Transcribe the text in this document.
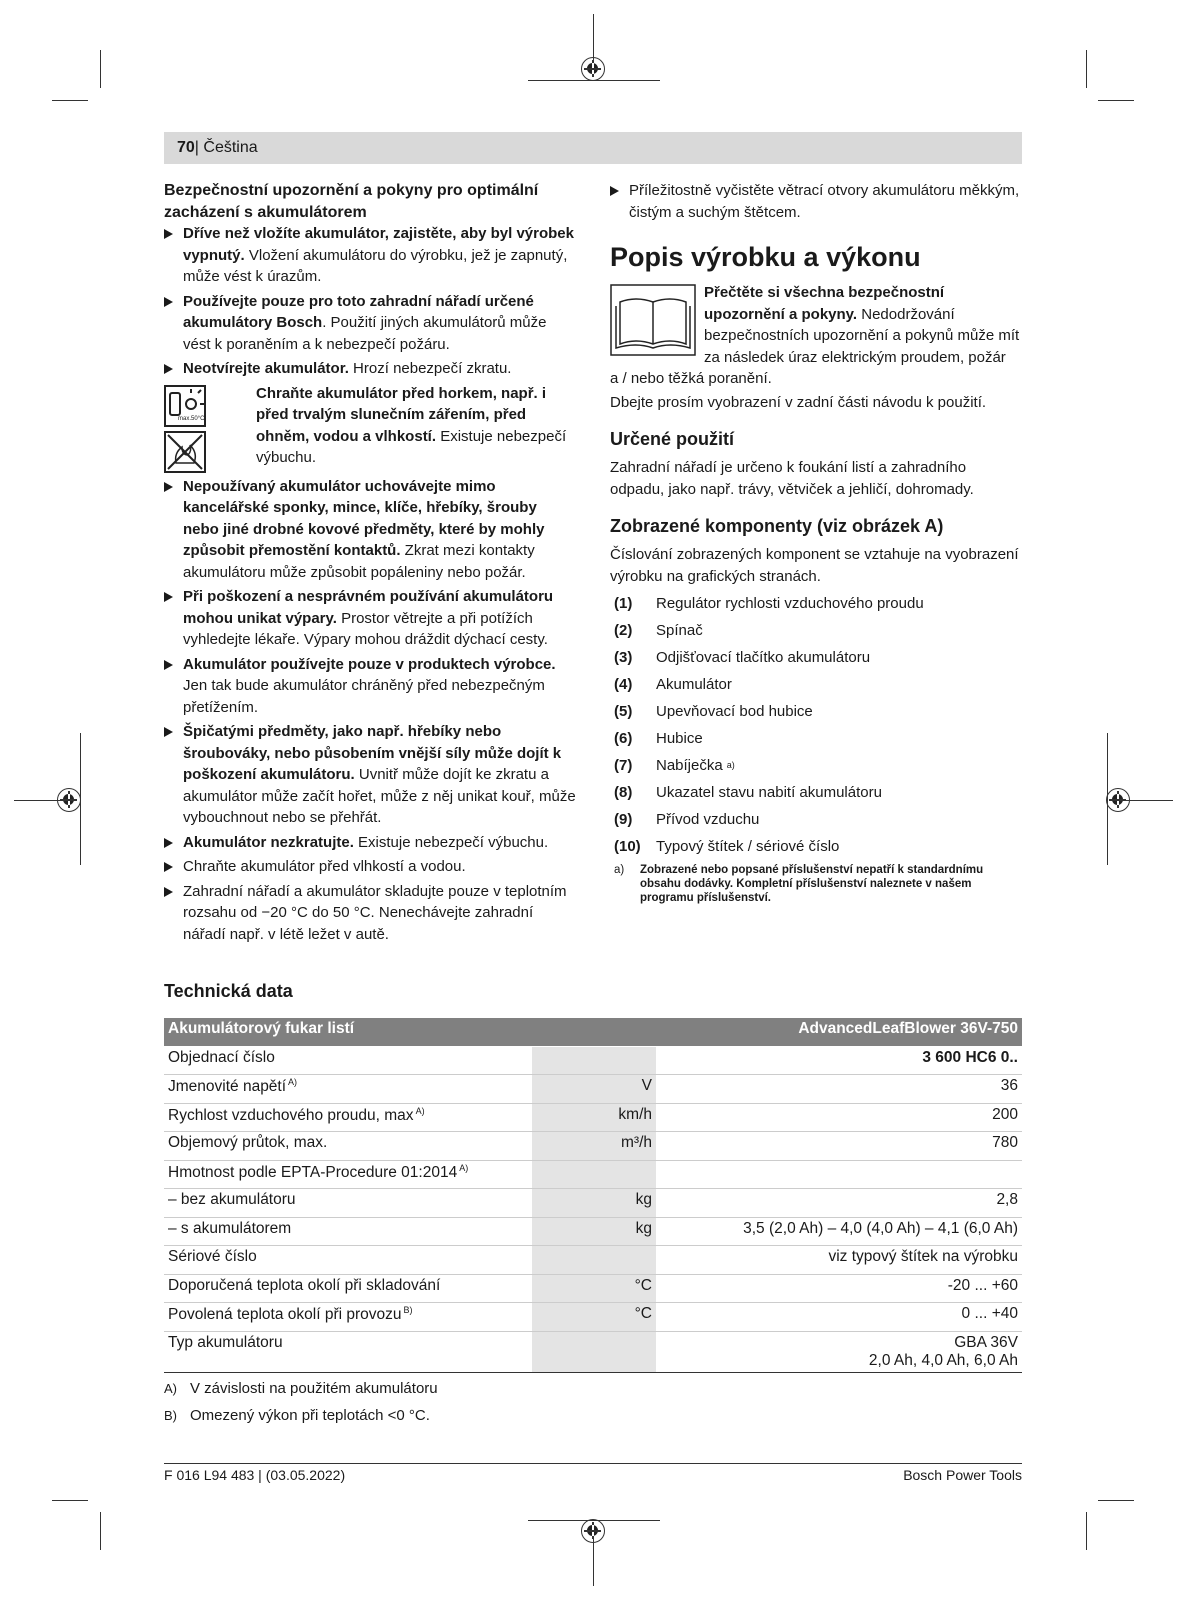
70| Čeština

Bezpečnostní upozornění a pokyny pro optimální zacházení s akumulátorem

Dříve než vložíte akumulátor, zajistěte, aby byl výrobek vypnutý. Vložení akumulátoru do výrobku, jež je zapnutý, může vést k úrazům.
Používejte pouze pro toto zahradní nářadí určené akumulátory Bosch. Použití jiných akumulátorů může vést k poraněním a k nebezpečí požáru.
Neotvírejte akumulátor. Hrozí nebezpečí zkratu.
max.50°C

Chraňte akumulátor před horkem, např. i před trvalým slunečním zářením, před ohněm, vodou a vlhkostí. Existuje nebezpečí výbuchu.

Nepoužívaný akumulátor uchovávejte mimo kancelářské sponky, mince, klíče, hřebíky, šrouby nebo jiné drobné kovové předměty, které by mohly způsobit přemostění kontaktů. Zkrat mezi kontakty akumulátoru může způsobit popáleniny nebo požár.
Při poškození a nesprávném používání akumulátoru mohou unikat výpary. Prostor větrejte a při potížích vyhledejte lékaře. Výpary mohou dráždit dýchací cesty.
Akumulátor používejte pouze v produktech výrobce. Jen tak bude akumulátor chráněný před nebezpečným přetížením.
Špičatými předměty, jako např. hřebíky nebo šroubováky, nebo působením vnější síly může dojít k poškození akumulátoru. Uvnitř může dojít ke zkratu a akumulátor může začít hořet, může z něj unikat kouř, může vybouchnout nebo se přehřát.
Akumulátor nezkratujte. Existuje nebezpečí výbuchu.
Chraňte akumulátor před vlhkostí a vodou.
Zahradní nářadí a akumulátor skladujte pouze v teplotním rozsahu od −20 °C do 50 °C. Nenechávejte zahradní nářadí např. v létě ležet v autě.
Příležitostně vyčistěte větrací otvory akumulátoru měkkým, čistým a suchým štětcem.

Popis výrobku a výkonu

Přečtěte si všechna bezpečnostní upozornění a pokyny. Nedodržování bezpečnostních upozornění a pokynů může mít za následek úraz elektrickým proudem, požár

a / nebo těžká poranění.

Dbejte prosím vyobrazení v zadní části návodu k použití.

Určené použití

Zahradní nářadí je určeno k foukání listí a zahradního odpadu, jako např. trávy, větviček a jehličí, dohromady.

Zobrazené komponenty (viz obrázek A)

Číslování zobrazených komponent se vztahuje na vyobrazení výrobku na grafických stranách.

(1)	Regulátor rychlosti vzduchového proudu
(2)	Spínač
(3)	Odjišťovací tlačítko akumulátoru
(4)	Akumulátor
(5)	Upevňovací bod hubice
(6)	Hubice
(7)	Nabíječka a)
(8)	Ukazatel stavu nabití akumulátoru
(9)	Přívod vzduchu
(10)	Typový štítek / sériové číslo
a)	Zobrazené nebo popsané příslušenství nepatří k standardnímu obsahu dodávky. Kompletní příslušenství naleznete v našem programu příslušenství.
Technická data
Akumulátorový fukar listí		AdvancedLeafBlower 36V-750
Objednací číslo		3 600 HC6 0..
Jmenovité napětí $^{A)}$	V	36
Rychlost vzduchového proudu, max $^{A)}$	km/h	200
Objemový průtok, max.	m³/h	780
Hmotnost podle EPTA-Procedure 01:2014 $^{A)}$		
– bez akumulátoru	kg	2,8
– s akumulátorem	kg	3,5 (2,0 Ah) – 4,0 (4,0 Ah) – 4,1 (6,0 Ah)
Sériové číslo		viz typový štítek na výrobku
Doporučená teplota okolí při skladování	°C	-20 ... +60
Povolená teplota okolí při provozu $^{B)}$	°C	0 ... +40
Typ akumulátoru		GBA 36V
2,0 Ah, 4,0 Ah, 6,0 Ah
A) V závislosti na použitém akumulátoru
B) Omezený výkon při teplotách <0 °C.
F 016 L94 483 | (03.05.2022)	Bosch Power Tools
